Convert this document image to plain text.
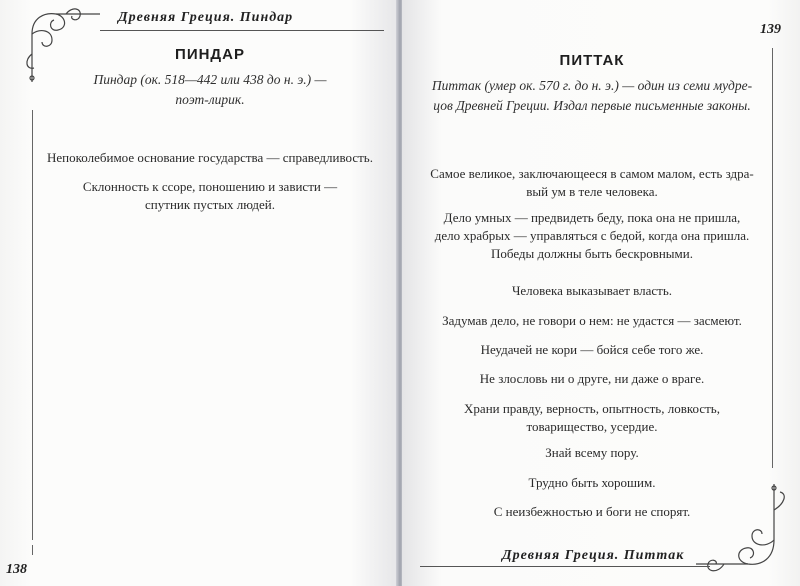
Древняя Греция. Пиндар
ПИНДАР
Пиндар (ок. 518—442 или 438 до н. э.) —
поэт-лирик.
Непоколебимое основание государства — справедливость.
Склонность к ссоре, поношению и зависти —
спутник пустых людей.
138
139
ПИТТАК
Питтак (умер ок. 570 г. до н. э.) — один из семи мудре-
цов Древней Греции. Издал первые письменные законы.
Самое великое, заключающееся в самом малом, есть здра-
вый ум в теле человека.
Дело умных — предвидеть беду, пока она не пришла,
дело храбрых — управляться с бедой, когда она пришла.
Победы должны быть бескровными.
Человека выказывает власть.
Задумав дело, не говори о нем: не удастся — засмеют.
Неудачей не кори — бойся себе того же.
Не злословь ни о друге, ни даже о враге.
Храни правду, верность, опытность, ловкость,
товарищество, усердие.
Знай всему пору.
Трудно быть хорошим.
С неизбежностью и боги не спорят.
Древняя Греция. Питтак
